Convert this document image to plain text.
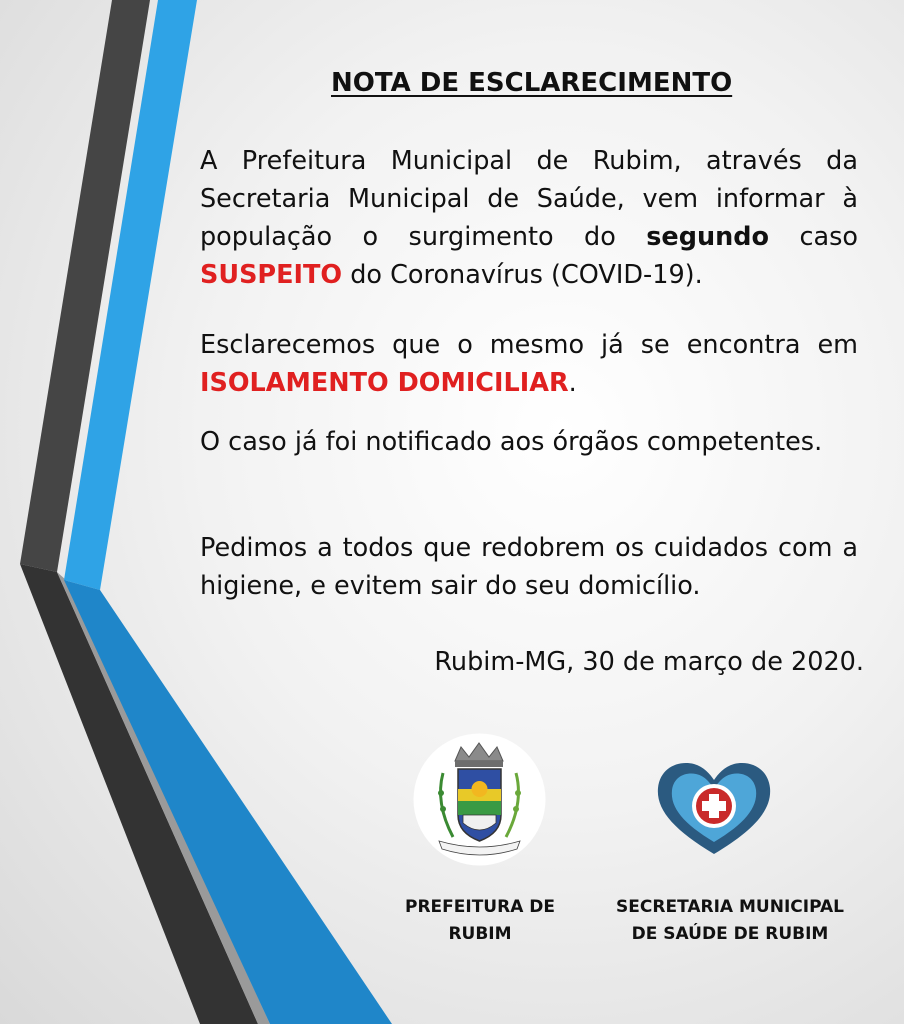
NOTA DE ESCLARECIMENTO

A Prefeitura Municipal de Rubim, através da Secretaria Municipal de Saúde, vem informar à população o surgimento do segundo caso SUSPEITO do Coronavírus (COVID-19).

Esclarecemos que o mesmo já se encontra em ISOLAMENTO DOMICILIAR.

O caso já foi notificado aos órgãos competentes.

Pedimos a todos que redobrem os cuidados com a higiene, e evitem sair do seu domicílio.

Rubim-MG, 30 de março de 2020.

PREFEITURA DE
RUBIM
SECRETARIA MUNICIPAL
DE SAÚDE DE RUBIM
